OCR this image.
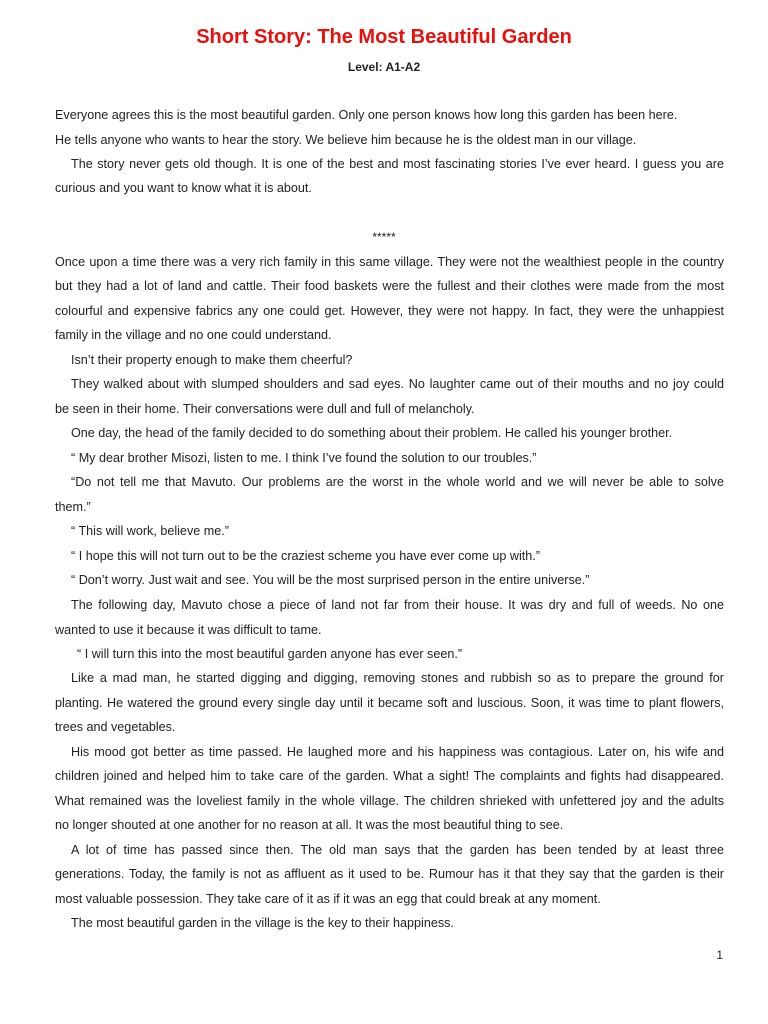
Short Story: The Most Beautiful Garden
Level: A1-A2
Everyone agrees this is the most beautiful garden. Only one person knows how long this garden has been here.
He tells anyone who wants to hear the story. We believe him because he is the oldest man in our village.
The story never gets old though. It is one of the best and most fascinating stories I’ve ever heard. I guess you are
curious and you want to know what it is about.
*****
Once upon a time there was a very rich family in this same village. They were not the wealthiest people in the country
but they had a lot of land and cattle. Their food baskets were the fullest and their clothes were made from the most
colourful and expensive fabrics any one could get. However, they were not happy. In fact, they were the unhappiest
family in the village and no one could understand.
Isn’t their property enough to make them cheerful?
They walked about with slumped shoulders and sad eyes. No laughter came out of their mouths and no joy could
be seen in their home. Their conversations were dull and full of melancholy.
One day, the head of the family decided to do something about their problem. He called his younger brother.
“ My dear brother Misozi, listen to me. I think I’ve found the solution to our troubles.”
“Do not tell me that Mavuto. Our problems are the worst in the whole world and we will never be able to solve
them.”
“ This will work, believe me.”
“ I hope this will not turn out to be the craziest scheme you have ever come up with.”
“ Don’t worry. Just wait and see. You will be the most surprised person in the entire universe.”
The following day, Mavuto chose a piece of land not far from their house. It was dry and full of weeds. No one
wanted to use it because it was difficult to tame.
“ I will turn this into the most beautiful garden anyone has ever seen.”
Like a mad man, he started digging and digging, removing stones and rubbish so as to prepare the ground for
planting. He watered the ground every single day until it became soft and luscious. Soon, it was time to plant flowers,
trees and vegetables.
His mood got better as time passed. He laughed more and his happiness was contagious. Later on, his wife and
children joined and helped him to take care of the garden. What a sight! The complaints and fights had disappeared.
What remained was the loveliest family in the whole village. The children shrieked with unfettered joy and the adults
no longer shouted at one another for no reason at all. It was the most beautiful thing to see.
A lot of time has passed since then. The old man says that the garden has been tended by at least three
generations. Today, the family is not as affluent as it used to be. Rumour has it that they say that the garden is their
most valuable possession. They take care of it as if it was an egg that could break at any moment.
The most beautiful garden in the village is the key to their happiness.
1
